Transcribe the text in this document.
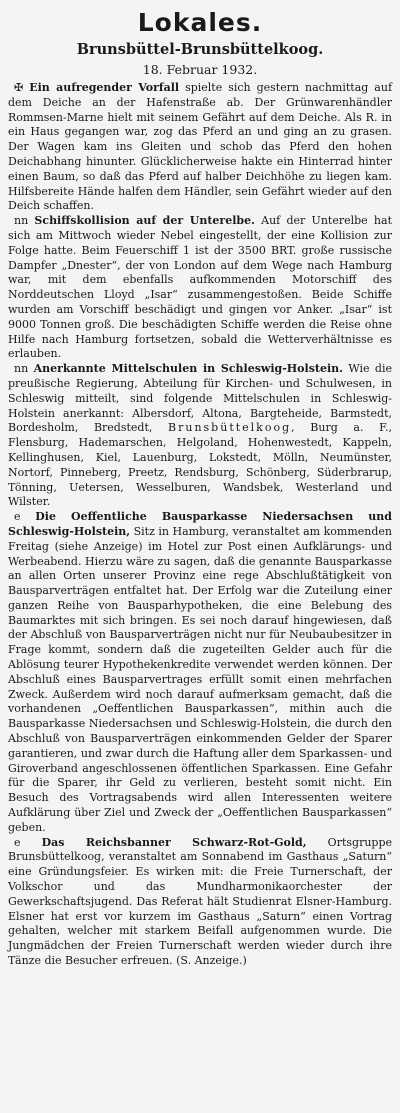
Lokales.
Brunsbüttel-Brunsbüttelkoog.
18. Februar 1932.

✠ Ein aufregender Vorfall spielte sich gestern nachmittag auf dem Deiche an der Hafenstraße ab. Der Grünwarenhändler Rommsen-Marne hielt mit seinem Gefährt auf dem Deiche. Als R. in ein Haus gegangen war, zog das Pferd an und ging an zu grasen. Der Wagen kam ins Gleiten und schob das Pferd den hohen Deichabhang hinunter. Glücklicherweise hakte ein Hinterrad hinter einen Baum, so daß das Pferd auf halber Deichhöhe zu liegen kam. Hilfsbereite Hände halfen dem Händler, sein Gefährt wieder auf den Deich schaffen.

nn Schiffskollision auf der Unterelbe. Auf der Unterelbe hat sich am Mittwoch wieder Nebel eingestellt, der eine Kollision zur Folge hatte. Beim Feuerschiff 1 ist der 3500 BRT. große russische Dampfer „Dnester“, der von London auf dem Wege nach Hamburg war, mit dem ebenfalls aufkommenden Motorschiff des Norddeutschen Lloyd „Isar“ zusammengestoßen. Beide Schiffe wurden am Vorschiff beschädigt und gingen vor Anker. „Isar“ ist 9000 Tonnen groß. Die beschädigten Schiffe werden die Reise ohne Hilfe nach Hamburg fortsetzen, sobald die Wetterverhältnisse es erlauben.

nn Anerkannte Mittelschulen in Schleswig-Holstein. Wie die preußische Regierung, Abteilung für Kirchen- und Schulwesen, in Schleswig mitteilt, sind folgende Mittelschulen in Schleswig-Holstein anerkannt: Albersdorf, Altona, Bargteheide, Barmstedt, Bordesholm, Bredstedt, Brunsbüttelkoog, Burg a. F., Flensburg, Hademarschen, Helgoland, Hohenwestedt, Kappeln, Kellinghusen, Kiel, Lauenburg, Lokstedt, Mölln, Neumünster, Nortorf, Pinneberg, Preetz, Rendsburg, Schönberg, Süderbrarup, Tönning, Uetersen, Wesselburen, Wandsbek, Westerland und Wilster.

e Die Oeffentliche Bausparkasse Niedersachsen und Schleswig-Holstein, Sitz in Hamburg, veranstaltet am kommenden Freitag (siehe Anzeige) im Hotel zur Post einen Aufklärungs- und Werbeabend. Hierzu wäre zu sagen, daß die genannte Bausparkasse an allen Orten unserer Provinz eine rege Abschlußtätigkeit von Bausparverträgen entfaltet hat. Der Erfolg war die Zuteilung einer ganzen Reihe von Bausparhypotheken, die eine Belebung des Baumarktes mit sich bringen. Es sei noch darauf hingewiesen, daß der Abschluß von Bausparverträgen nicht nur für Neubaubesitzer in Frage kommt, sondern daß die zugeteilten Gelder auch für die Ablösung teurer Hypothekenkredite verwendet werden können. Der Abschluß eines Bausparvertrages erfüllt somit einen mehrfachen Zweck. Außerdem wird noch darauf aufmerksam gemacht, daß die vorhandenen „Oeffentlichen Bausparkassen“, mithin auch die Bausparkasse Niedersachsen und Schleswig-Holstein, die durch den Abschluß von Bausparverträgen einkommenden Gelder der Sparer garantieren, und zwar durch die Haftung aller dem Sparkassen- und Giroverband angeschlossenen öffentlichen Sparkassen. Eine Gefahr für die Sparer, ihr Geld zu verlieren, besteht somit nicht. Ein Besuch des Vortragsabends wird allen Interessenten weitere Aufklärung über Ziel und Zweck der „Oeffentlichen Bausparkassen“ geben.

e Das Reichsbanner Schwarz-Rot-Gold, Ortsgruppe Brunsbüttelkoog, veranstaltet am Sonnabend im Gasthaus „Saturn“ eine Gründungsfeier. Es wirken mit: die Freie Turnerschaft, der Volkschor und das Mundharmonikaorchester der Gewerkschaftsjugend. Das Referat hält Studienrat Elsner-Hamburg. Elsner hat erst vor kurzem im Gasthaus „Saturn“ einen Vortrag gehalten, welcher mit starkem Beifall aufgenommen wurde. Die Jungmädchen der Freien Turnerschaft werden wieder durch ihre Tänze die Besucher erfreuen. (S. Anzeige.)
